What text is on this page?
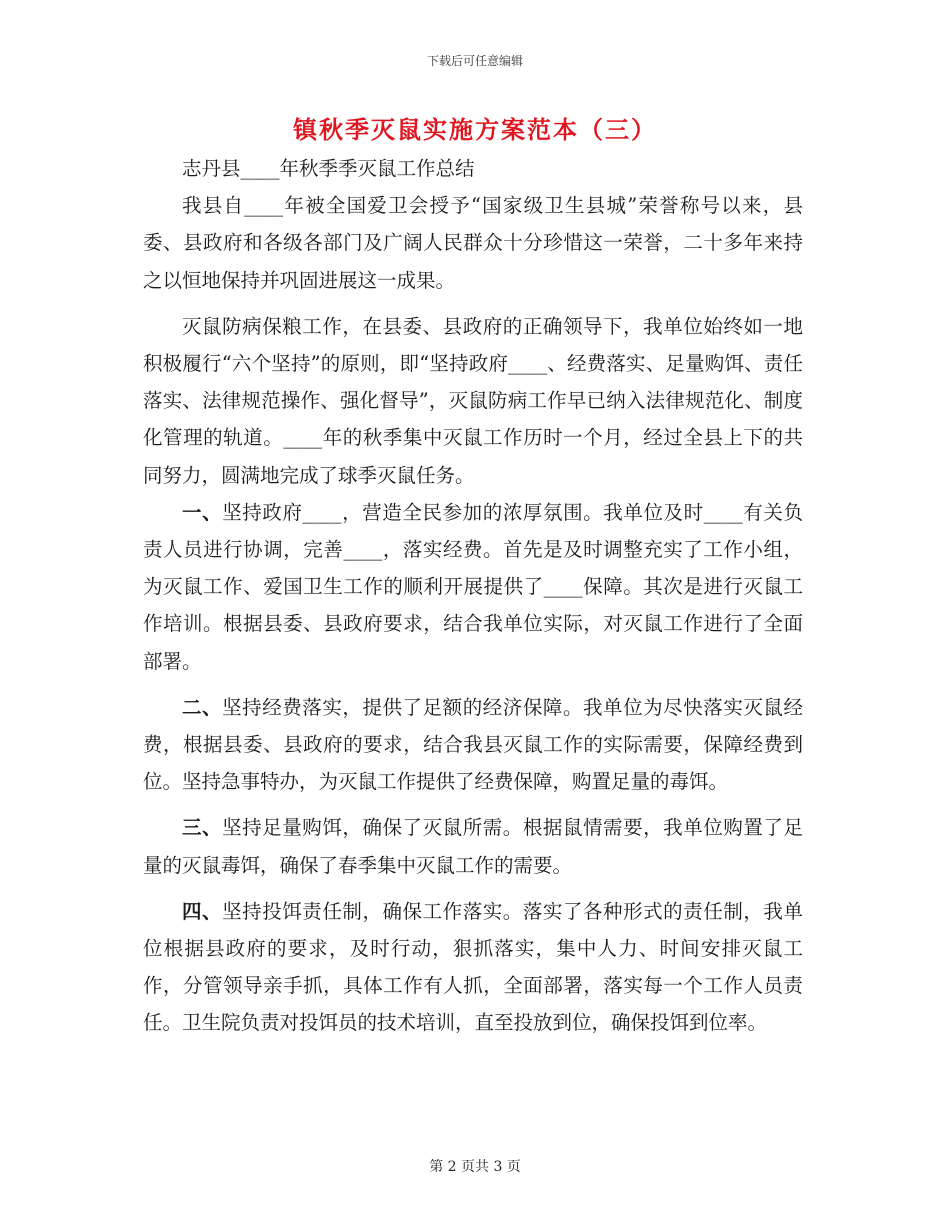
下载后可任意编辑
镇秋季灭鼠实施方案范本（三）

志丹县____年秋季季灭鼠工作总结

我县自____年被全国爱卫会授予“国家级卫生县城”荣誉称号以来，县委、县政府和各级各部门及广阔人民群众十分珍惜这一荣誉，二十多年来持之以恒地保持并巩固进展这一成果。

灭鼠防病保粮工作，在县委、县政府的正确领导下，我单位始终如一地积极履行“六个坚持”的原则，即“坚持政府____、经费落实、足量购饵、责任落实、法律规范操作、强化督导”，灭鼠防病工作早已纳入法律规范化、制度化管理的轨道。____年的秋季集中灭鼠工作历时一个月，经过全县上下的共同努力，圆满地完成了球季灭鼠任务。

一、坚持政府____，营造全民参加的浓厚氛围。我单位及时____有关负责人员进行协调，完善____，落实经费。首先是及时调整充实了工作小组，为灭鼠工作、爱国卫生工作的顺利开展提供了____保障。其次是进行灭鼠工作培训。根据县委、县政府要求，结合我单位实际，对灭鼠工作进行了全面部署。

二、坚持经费落实，提供了足额的经济保障。我单位为尽快落实灭鼠经费，根据县委、县政府的要求，结合我县灭鼠工作的实际需要，保障经费到位。坚持急事特办，为灭鼠工作提供了经费保障，购置足量的毒饵。

三、坚持足量购饵，确保了灭鼠所需。根据鼠情需要，我单位购置了足量的灭鼠毒饵，确保了春季集中灭鼠工作的需要。

四、坚持投饵责任制，确保工作落实。落实了各种形式的责任制，我单位根据县政府的要求，及时行动，狠抓落实，集中人力、时间安排灭鼠工作，分管领导亲手抓，具体工作有人抓，全面部署，落实每一个工作人员责任。卫生院负责对投饵员的技术培训，直至投放到位，确保投饵到位率。

第 2 页共 3 页
